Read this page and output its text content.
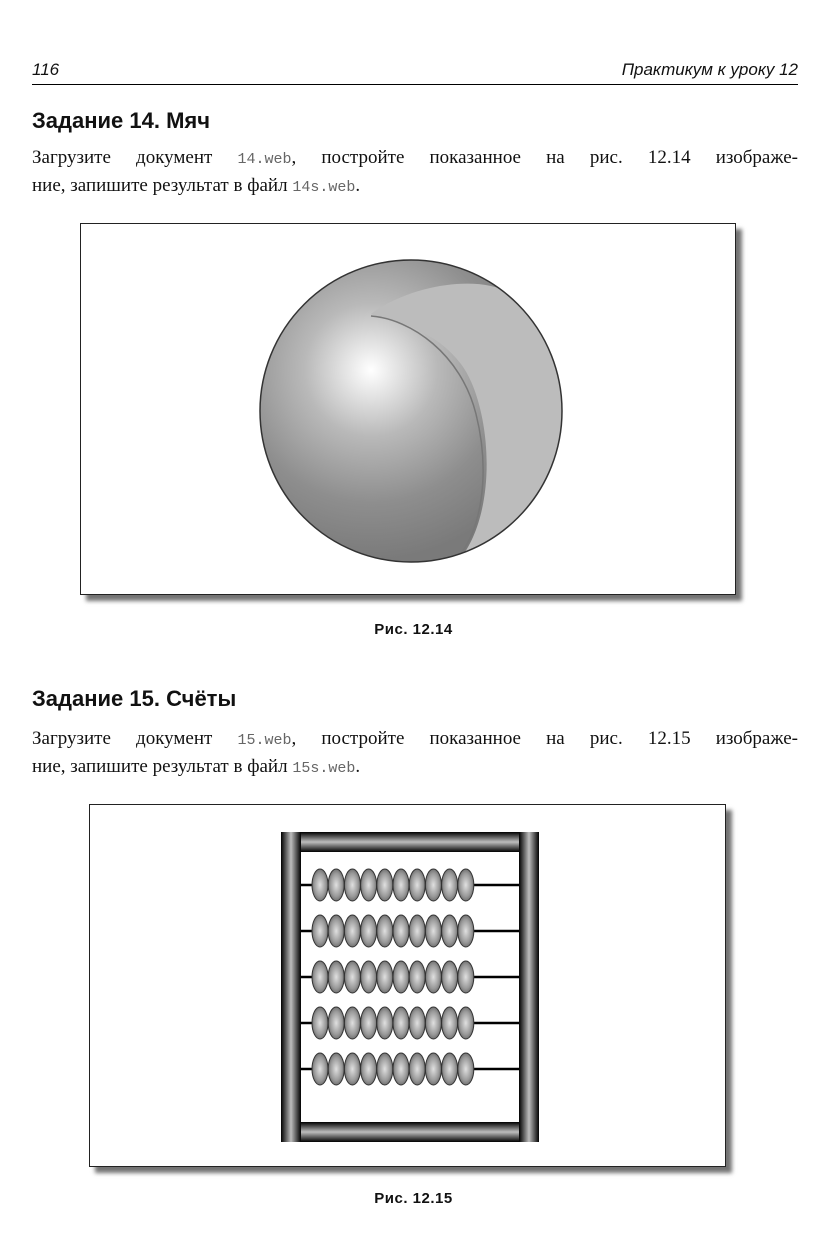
116	Практикум к уроку 12
Задание 14. Мяч
Загрузите документ 14.web, постройте показанное на рис. 12.14 изображе-
ние, запишите результат в файл 14s.web.
Рис. 12.14
Задание 15. Счёты
Загрузите документ 15.web, постройте показанное на рис. 12.15 изображе-
ние, запишите результат в файл 15s.web.
Рис. 12.15
